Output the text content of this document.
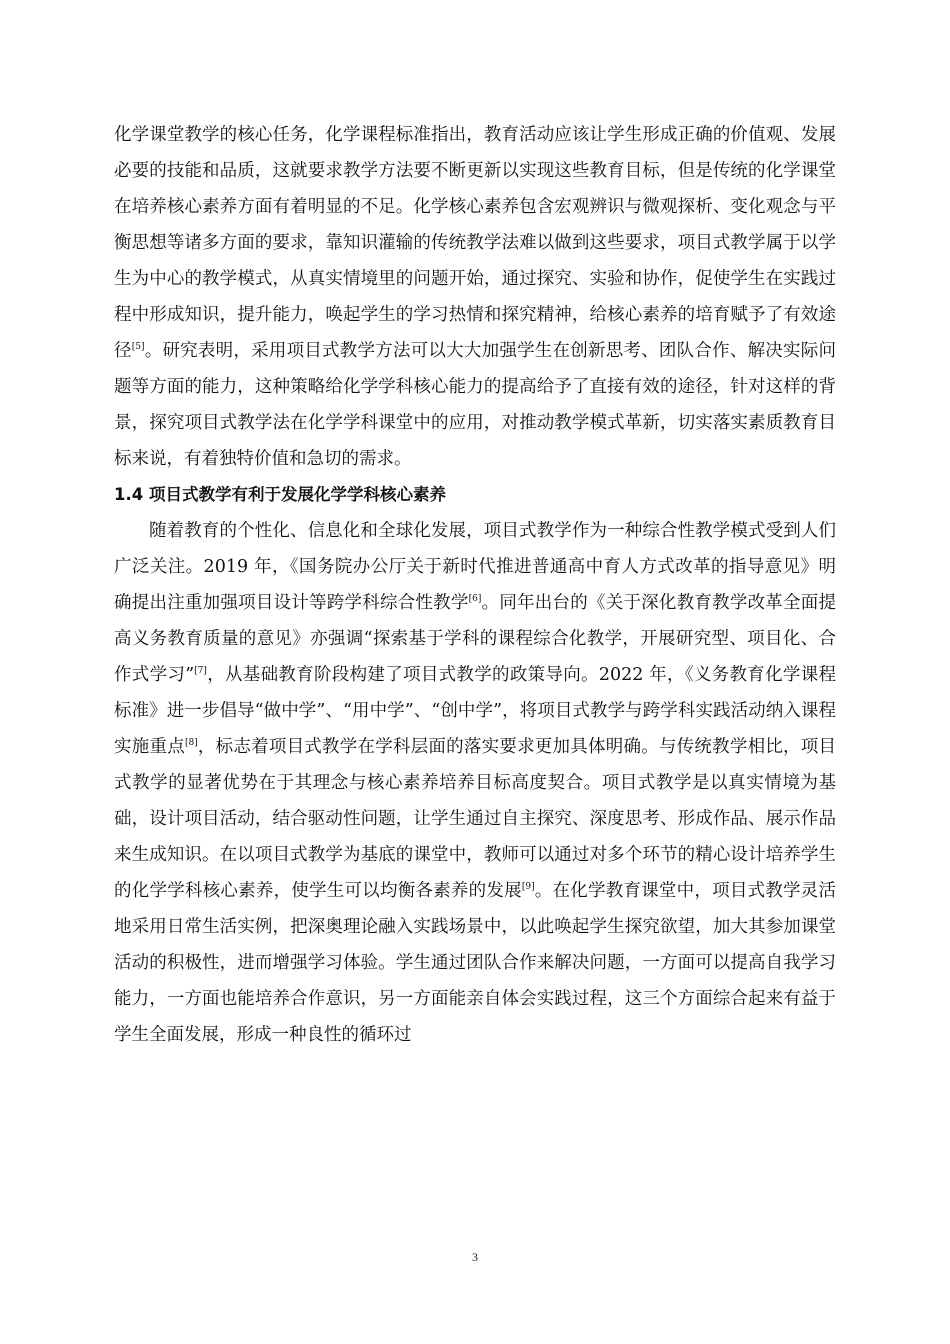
化学课堂教学的核心任务，化学课程标准指出，教育活动应该让学生形成正确的价值观、发展必要的技能和品质，这就要求教学方法要不断更新以实现这些教育目标，但是传统的化学课堂在培养核心素养方面有着明显的不足。化学核心素养包含宏观辨识与微观探析、变化观念与平衡思想等诸多方面的要求，靠知识灌输的传统教学法难以做到这些要求，项目式教学属于以学生为中心的教学模式，从真实情境里的问题开始，通过探究、实验和协作，促使学生在实践过程中形成知识，提升能力，唤起学生的学习热情和探究精神，给核心素养的培育赋予了有效途径[5]。研究表明，采用项目式教学方法可以大大加强学生在创新思考、团队合作、解决实际问题等方面的能力，这种策略给化学学科核心能力的提高给予了直接有效的途径，针对这样的背景，探究项目式教学法在化学学科课堂中的应用，对推动教学模式革新，切实落实素质教育目标来说，有着独特价值和急切的需求。

1.4 项目式教学有利于发展化学学科核心素养

随着教育的个性化、信息化和全球化发展，项目式教学作为一种综合性教学模式受到人们广泛关注。2019 年，《国务院办公厅关于新时代推进普通高中育人方式改革的指导意见》明确提出注重加强项目设计等跨学科综合性教学[6]。同年出台的《关于深化教育教学改革全面提高义务教育质量的意见》亦强调“探索基于学科的课程综合化教学，开展研究型、项目化、合作式学习”[7]，从基础教育阶段构建了项目式教学的政策导向。2022 年，《义务教育化学课程标准》进一步倡导“做中学”、“用中学”、“创中学”，将项目式教学与跨学科实践活动纳入课程实施重点[8]，标志着项目式教学在学科层面的落实要求更加具体明确。与传统教学相比，项目式教学的显著优势在于其理念与核心素养培养目标高度契合。项目式教学是以真实情境为基础，设计项目活动，结合驱动性问题，让学生通过自主探究、深度思考、形成作品、展示作品来生成知识。在以项目式教学为基底的课堂中，教师可以通过对多个环节的精心设计培养学生的化学学科核心素养，使学生可以均衡各素养的发展[9]。在化学教育课堂中，项目式教学灵活地采用日常生活实例，把深奥理论融入实践场景中，以此唤起学生探究欲望，加大其参加课堂活动的积极性，进而增强学习体验。学生通过团队合作来解决问题，一方面可以提高自我学习能力，一方面也能培养合作意识，另一方面能亲自体会实践过程，这三个方面综合起来有益于学生全面发展，形成一种良性的循环过

3
